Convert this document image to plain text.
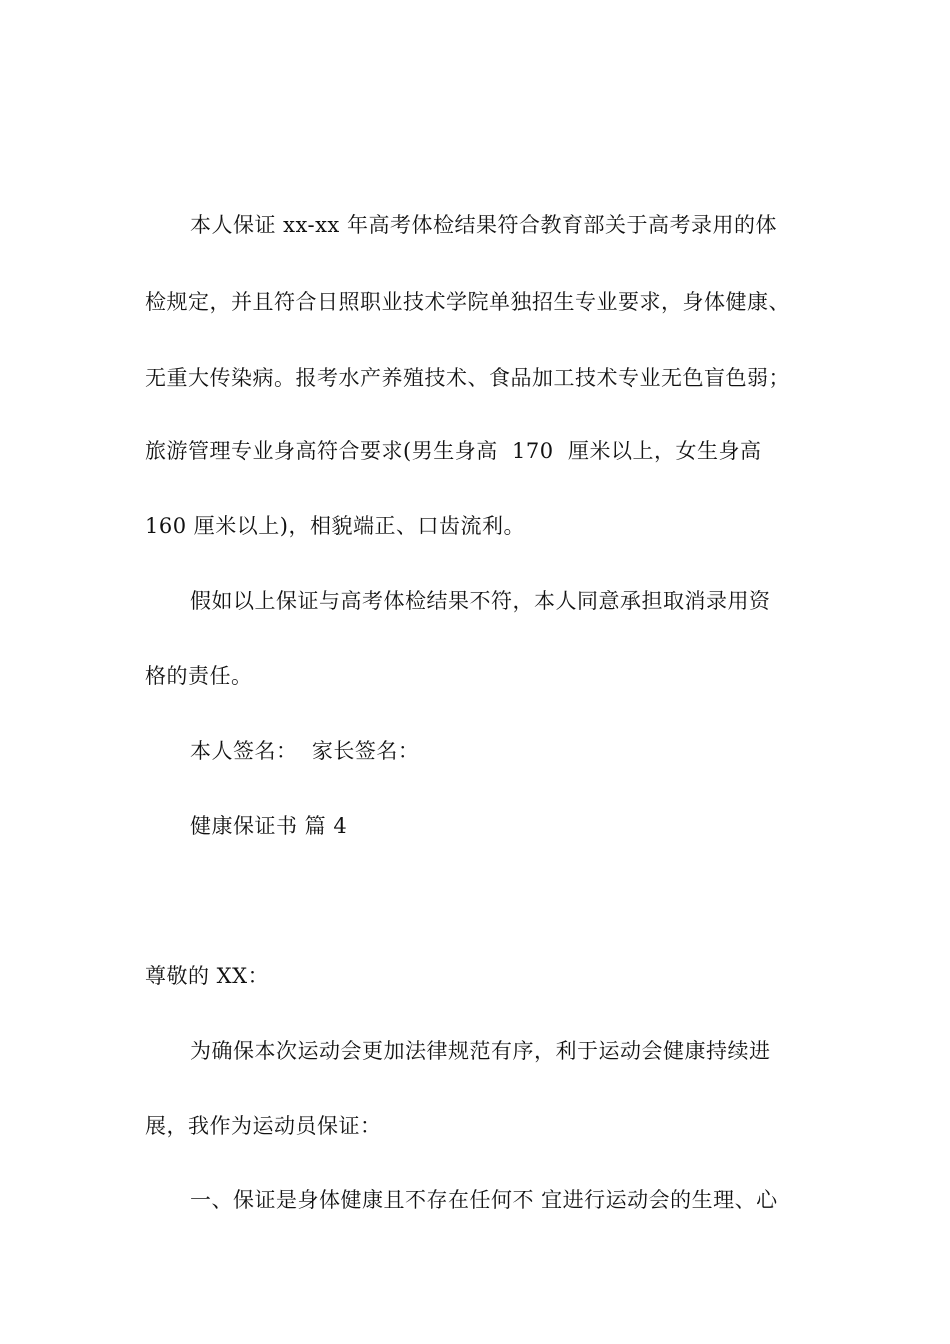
本人保证 xx-xx 年高考体检结果符合教育部关于高考录用的体
检规定，并且符合日照职业技术学院单独招生专业要求，身体健康、
无重大传染病。报考水产养殖技术、食品加工技术专业无色盲色弱；
旅游管理专业身高符合要求(男生身高  170  厘米以上，女生身高
160 厘米以上)，相貌端正、口齿流利。
假如以上保证与高考体检结果不符，本人同意承担取消录用资
格的责任。
本人签名：  家长签名：
健康保证书 篇 4
尊敬的 XX：
为确保本次运动会更加法律规范有序，利于运动会健康持续进
展，我作为运动员保证：
一、保证是身体健康且不存在任何不 宜进行运动会的生理、心
